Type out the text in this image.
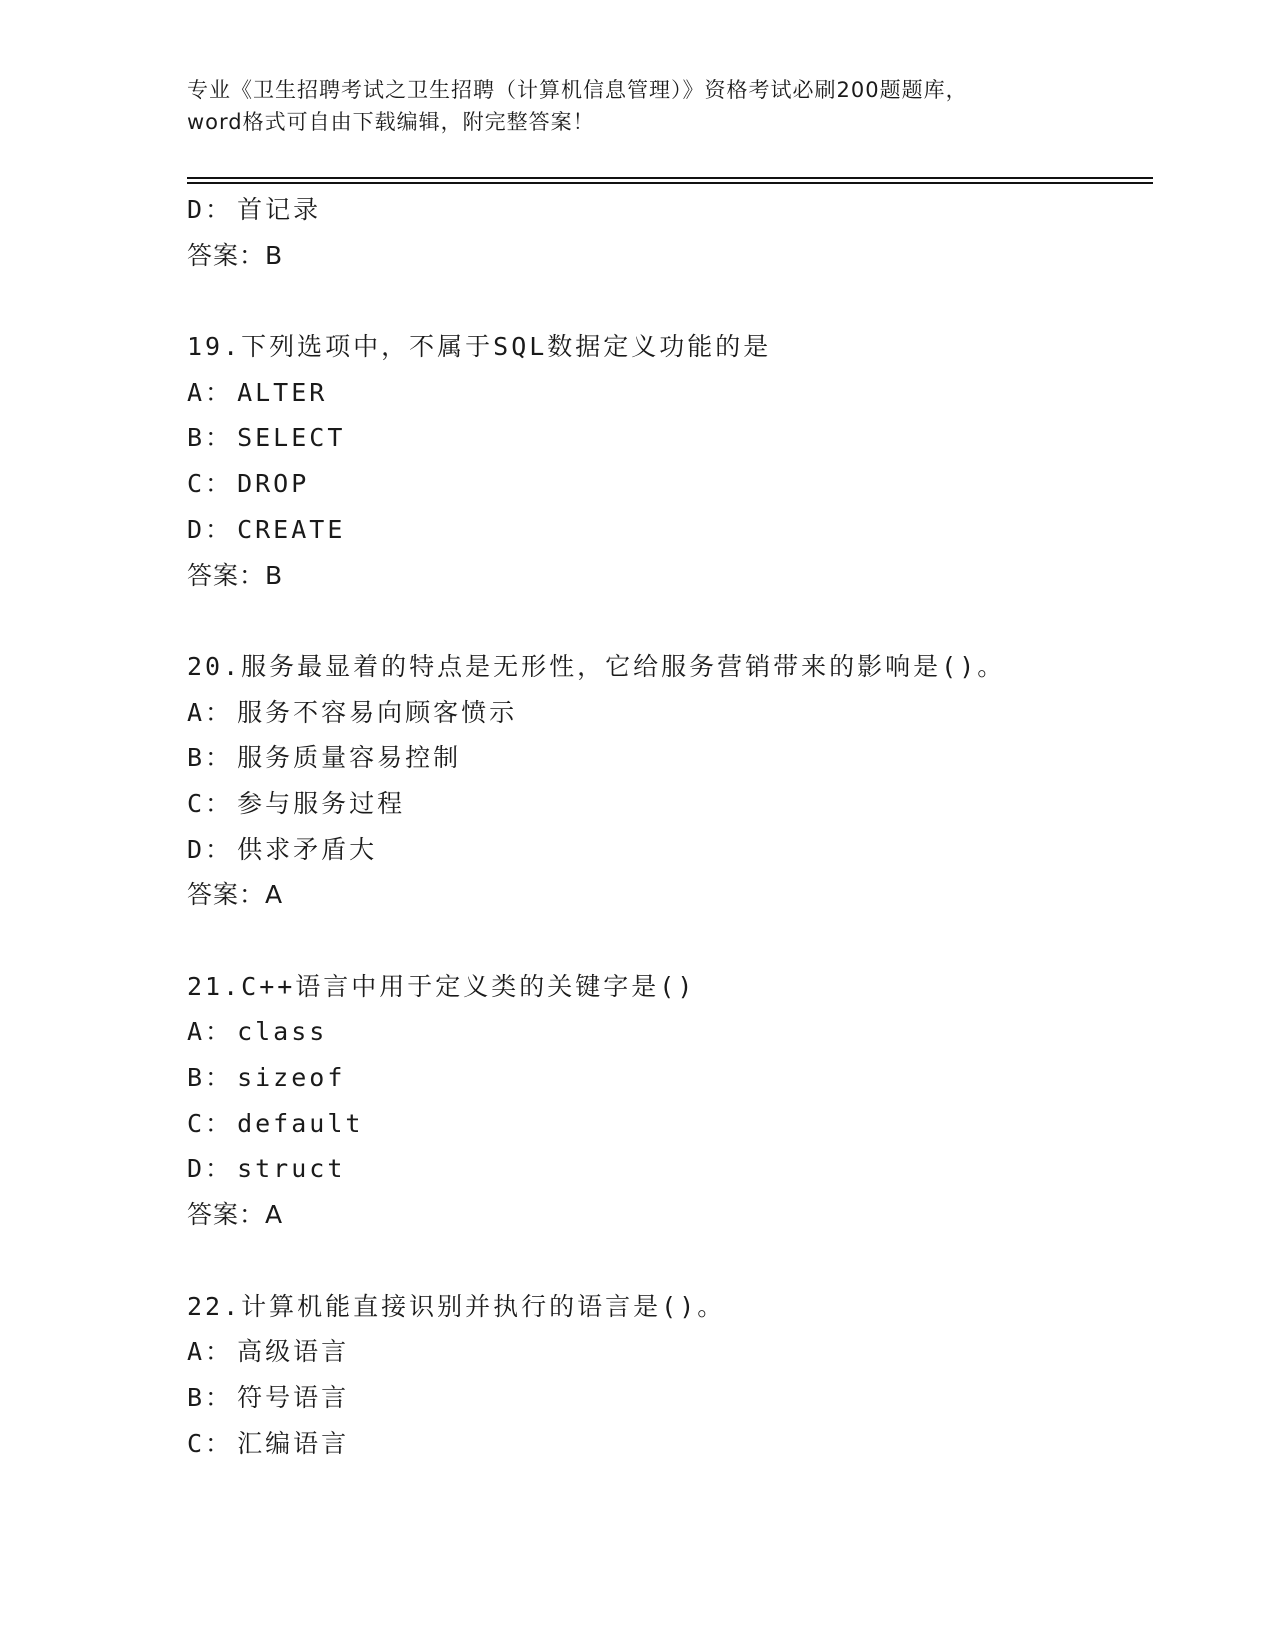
专业《卫生招聘考试之卫生招聘（计算机信息管理）》资格考试必刷200题题库，
word格式可自由下载编辑，附完整答案！
D： 首记录
答案：B
19.下列选项中，不属于SQL数据定义功能的是
A： ALTER
B： SELECT
C： DROP
D： CREATE
答案：B
20.服务最显着的特点是无形性，它给服务营销带来的影响是()。
A： 服务不容易向顾客愤示
B： 服务质量容易控制
C： 参与服务过程
D： 供求矛盾大
答案：A
21.C++语言中用于定义类的关键字是()
A： class
B： sizeof
C： default
D： struct
答案：A
22.计算机能直接识别并执行的语言是()。
A： 高级语言
B： 符号语言
C： 汇编语言
